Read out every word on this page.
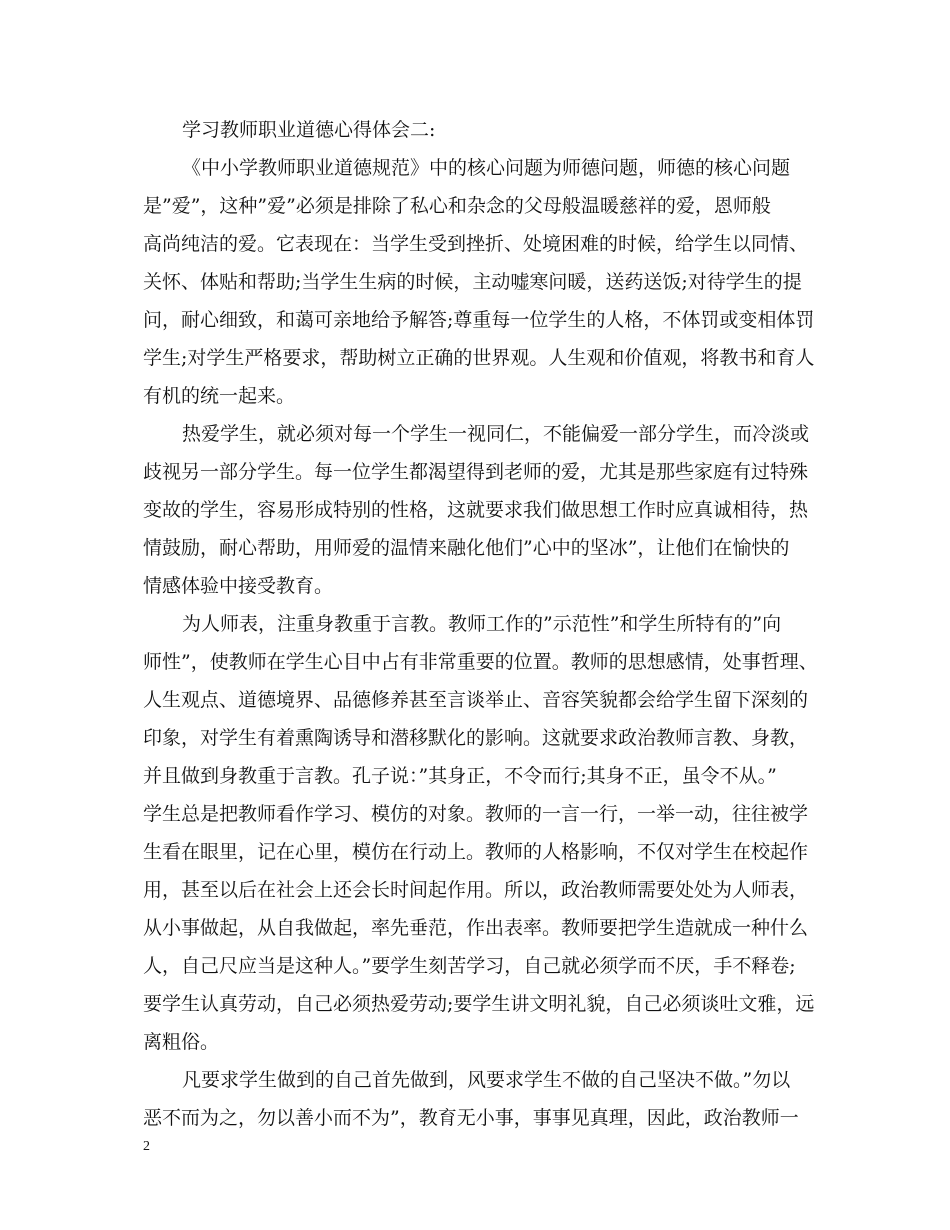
学习教师职业道德心得体会二:
《中小学教师职业道德规范》中的核心问题为师德问题，师德的核心问题
是”爱”，这种”爱”必须是排除了私心和杂念的父母般温暖慈祥的爱，恩师般
高尚纯洁的爱。它表现在：当学生受到挫折、处境困难的时候，给学生以同情、
关怀、体贴和帮助;当学生生病的时候，主动嘘寒问暖，送药送饭;对待学生的提
问，耐心细致，和蔼可亲地给予解答;尊重每一位学生的人格，不体罚或变相体罚
学生;对学生严格要求，帮助树立正确的世界观。人生观和价值观，将教书和育人
有机的统一起来。
热爱学生，就必须对每一个学生一视同仁，不能偏爱一部分学生，而冷淡或
歧视另一部分学生。每一位学生都渴望得到老师的爱，尤其是那些家庭有过特殊
变故的学生，容易形成特别的性格，这就要求我们做思想工作时应真诚相待，热
情鼓励，耐心帮助，用师爱的温情来融化他们”心中的坚冰”，让他们在愉快的
情感体验中接受教育。
为人师表，注重身教重于言教。教师工作的”示范性”和学生所特有的”向
师性”，使教师在学生心目中占有非常重要的位置。教师的思想感情，处事哲理、
人生观点、道德境界、品德修养甚至言谈举止、音容笑貌都会给学生留下深刻的
印象，对学生有着熏陶诱导和潜移默化的影响。这就要求政治教师言教、身教，
并且做到身教重于言教。孔子说：”其身正，不令而行;其身不正，虽令不从。”
学生总是把教师看作学习、模仿的对象。教师的一言一行，一举一动，往往被学
生看在眼里，记在心里，模仿在行动上。教师的人格影响，不仅对学生在校起作
用，甚至以后在社会上还会长时间起作用。所以，政治教师需要处处为人师表，
从小事做起，从自我做起，率先垂范，作出表率。教师要把学生造就成一种什么
人，自己尺应当是这种人。”要学生刻苦学习，自己就必须学而不厌，手不释卷;
要学生认真劳动，自己必须热爱劳动;要学生讲文明礼貌，自己必须谈吐文雅，远
离粗俗。
凡要求学生做到的自己首先做到，风要求学生不做的自己坚决不做。”勿以
恶不而为之，勿以善小而不为”，教育无小事，事事见真理，因此，政治教师一
2
